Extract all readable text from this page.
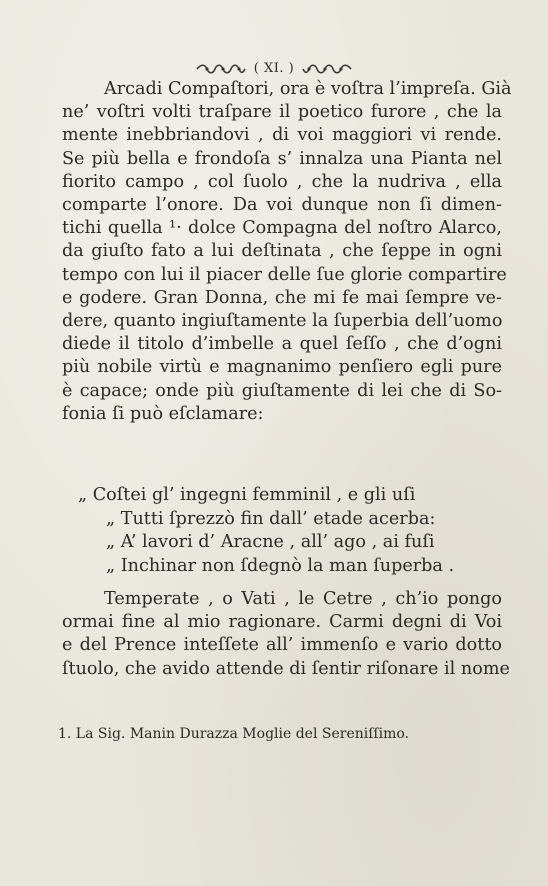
( XI. )
Arcadi Compaſtori, ora è voſtra l’impreſa. Già
ne’ voſtri volti traſpare il poetico furore , che la
mente inebbriandovi , di voi maggiori vi rende.
Se più bella e frondoſa s’ innalza una Pianta nel
fiorito campo , col ſuolo , che la nudriva , ella
comparte l’onore. Da voi dunque non ſi dimen-
tichi quella ¹· dolce Compagna del noſtro Alarco,
da giuſto fato a lui deſtinata , che ſeppe in ogni
tempo con lui il piacer delle ſue glorie compartire
e godere. Gran Donna, che mi fe mai ſempre ve-
dere, quanto ingiuſtamente la ſuperbia dell’uomo
diede il titolo d’imbelle a quel ſeſſo , che d’ogni
più nobile virtù e magnanimo penſiero egli pure
è capace; onde più giuſtamente di lei che di So-
fonia ſi può eſclamare:
„ Coſtei gl’ ingegni femminil , e gli uſi
„ Tutti ſprezzò fin dall’ etade acerba:
„ A’ lavori d’ Aracne , all’ ago , ai fuſi
„ Inchinar non ſdegnò la man ſuperba .
Temperate , o Vati , le Cetre , ch’io pongo
ormai fine al mio ragionare. Carmi degni di Voi
e del Prence inteſſete all’ immenſo e vario dotto
ſtuolo, che avido attende di ſentir riſonare il nome
1. La Sig. Manin Durazza Moglie del Sereniſſimo.
